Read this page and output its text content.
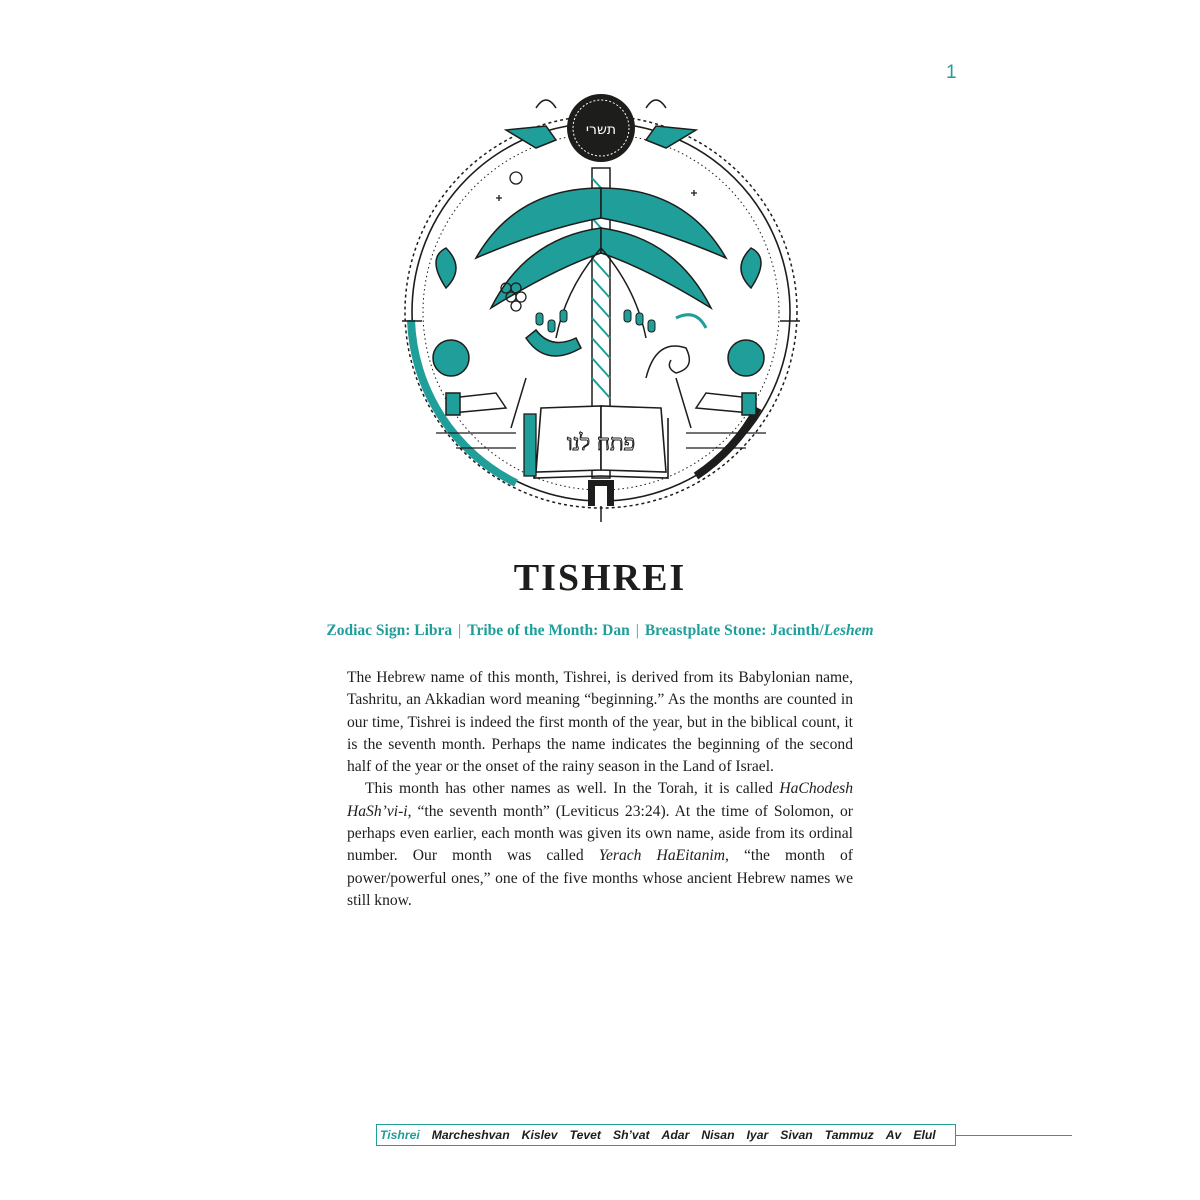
1
תשרי
פתח לנו
TISHREI
Zodiac Sign: Libra | Tribe of the Month: Dan | Breastplate Stone: Jacinth/Leshem

The Hebrew name of this month, Tishrei, is derived from its Babylonian name, Tashritu, an Akkadian word meaning “beginning.” As the months are counted in our time, Tishrei is indeed the first month of the year, but in the biblical count, it is the seventh month. Perhaps the name indicates the beginning of the second half of the year or the onset of the rainy season in the Land of Israel.

This month has other names as well. In the Torah, it is called HaChodesh HaSh’vi-i, “the seventh month” (Leviticus 23:24). At the time of Solomon, or perhaps even earlier, each month was given its own name, aside from its ordinal number. Our month was called Yerach HaEitanim, “the month of power/powerful ones,” one of the five months whose ancient Hebrew names we still know.

Tishrei Marcheshvan Kislev Tevet Sh’vat Adar Nisan Iyar Sivan Tammuz Av Elul
